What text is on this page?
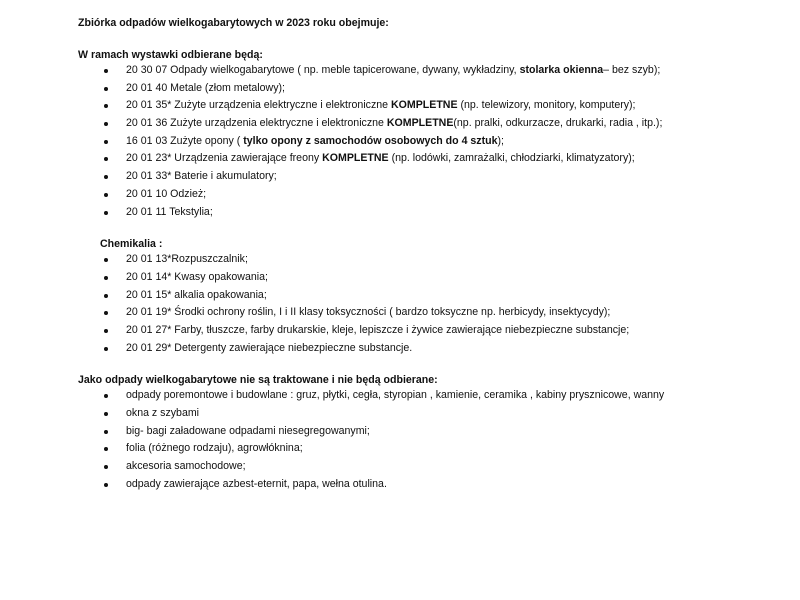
Zbiórka odpadów wielkogabarytowych w 2023 roku obejmuje:

W ramach wystawki odbierane będą:

20 30 07 Odpady wielkogabarytowe ( np. meble tapicerowane, dywany, wykładziny, stolarka okienna– bez szyb);
20 01 40 Metale (złom metalowy);
20 01 35* Zużyte urządzenia elektryczne i elektroniczne KOMPLETNE (np. telewizory, monitory, komputery);
20 01 36 Zużyte urządzenia elektryczne i elektroniczne KOMPLETNE(np. pralki, odkurzacze, drukarki, radia , itp.);
16 01 03 Zużyte opony ( tylko opony z samochodów osobowych do 4 sztuk);
20 01 23* Urządzenia zawierające freony KOMPLETNE (np. lodówki, zamrażalki, chłodziarki, klimatyzatory);
20 01 33* Baterie i akumulatory;
20 01 10 Odzież;
20 01 11 Tekstylia;

Chemikalia :

20 01 13*Rozpuszczalnik;
20 01 14* Kwasy opakowania;
20 01 15* alkalia opakowania;
20 01 19* Środki ochrony roślin, I i II klasy toksyczności ( bardzo toksyczne np. herbicydy, insektycydy);
20 01 27* Farby, tłuszcze, farby drukarskie, kleje, lepiszcze i żywice zawierające niebezpieczne substancje;
20 01 29* Detergenty zawierające niebezpieczne substancje.

Jako odpady wielkogabarytowe nie są traktowane i nie będą odbierane:

odpady poremontowe i budowlane : gruz, płytki, cegła, styropian , kamienie, ceramika , kabiny prysznicowe, wanny
okna z szybami
big- bagi załadowane odpadami niesegregowanymi;
folia (różnego rodzaju), agrowłóknina;
akcesoria samochodowe;
odpady zawierające azbest-eternit, papa, wełna otulina.
